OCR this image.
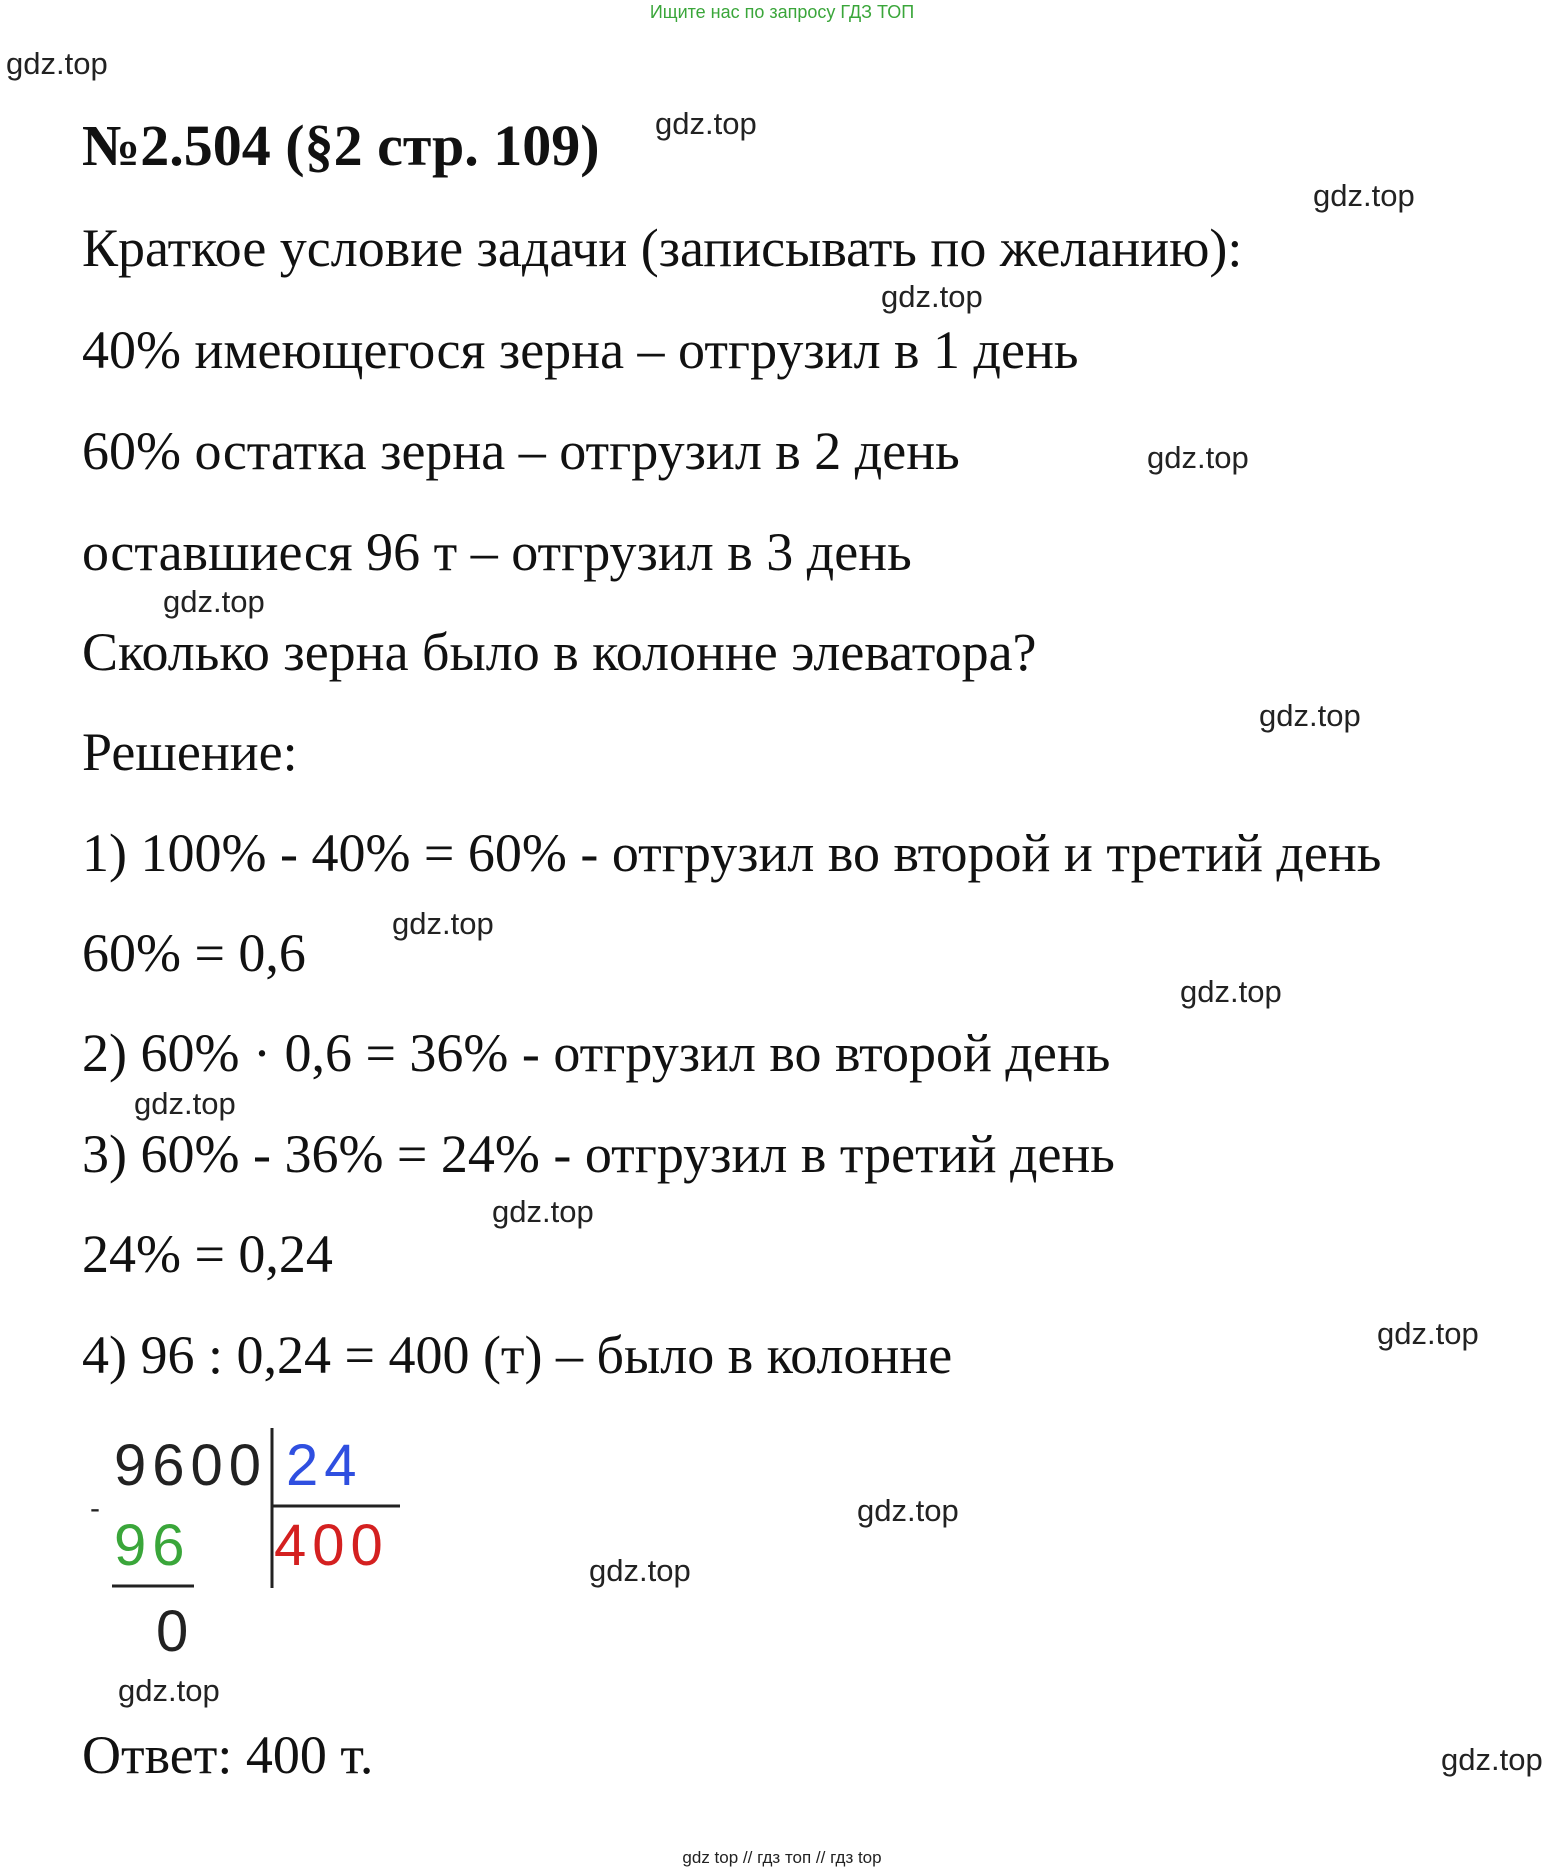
Ищите нас по запросу ГДЗ ТОП
№2.504 (§2 стр. 109)
Краткое условие задачи (записывать по желанию):
40% имеющегося зерна – отгрузил в 1 день
60% остатка зерна – отгрузил в 2 день
оставшиеся 96 т – отгрузил в 3 день
Сколько зерна было в колонне элеватора?
Решение:
1) 100% - 40% = 60% - отгрузил во второй и третий день
60% = 0,6
2) 60% · 0,6 = 36% - отгрузил во второй день
3) 60% - 36% = 24% - отгрузил в третий день
24% = 0,24
4) 96 : 0,24 = 400 (т) – было в колонне
9600 24
400
-
96
0
Ответ: 400 т.
gdz.top
gdz.top
gdz.top
gdz.top
gdz.top
gdz.top
gdz.top
gdz.top
gdz.top
gdz.top
gdz.top
gdz.top
gdz.top
gdz.top
gdz.top
gdz.top
gdz top // гдз топ // гдз top
